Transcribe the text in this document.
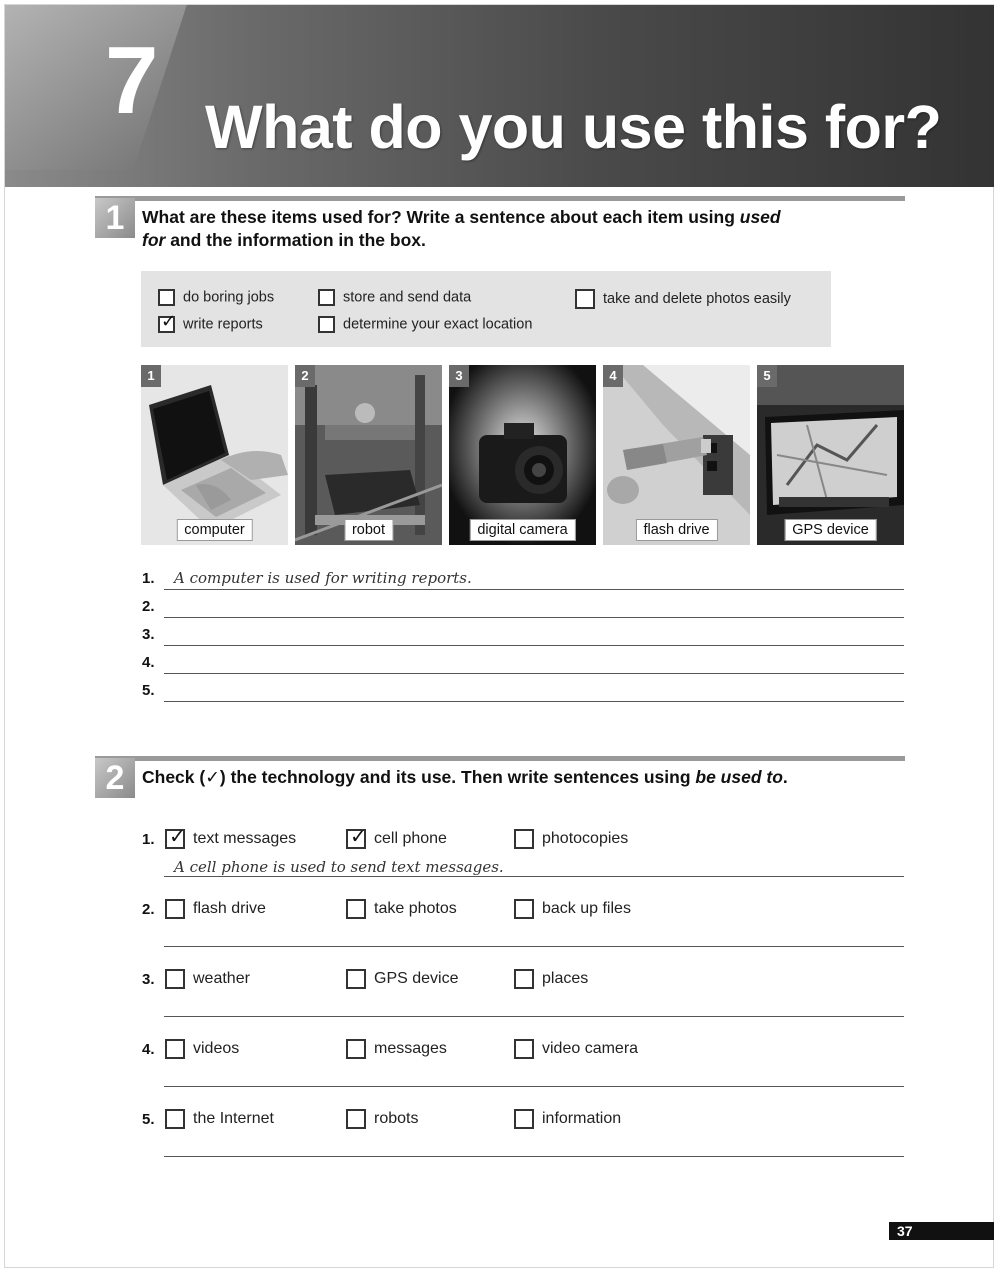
7 What do you use this for?
1	What are these items used for? Write a sentence about each item using used for and the information in the box.
do boring jobs
✓ write reports
store and send data
determine your exact location
take and delete photos easily
1
computer
2
robot
3
digital camera
4
flash drive
5
GPS device
1. A computer is used for writing reports.
2.
3.
4.
5.
2	Check (✓) the technology and its use. Then write sentences using be used to.
1. ✓ text messages	✓ cell phone	photocopies
A cell phone is used to send text messages.
2.	flash drive	take photos	back up files
3.	weather	GPS device	places
4.	videos	messages	video camera
5.	the Internet	robots	information
37
